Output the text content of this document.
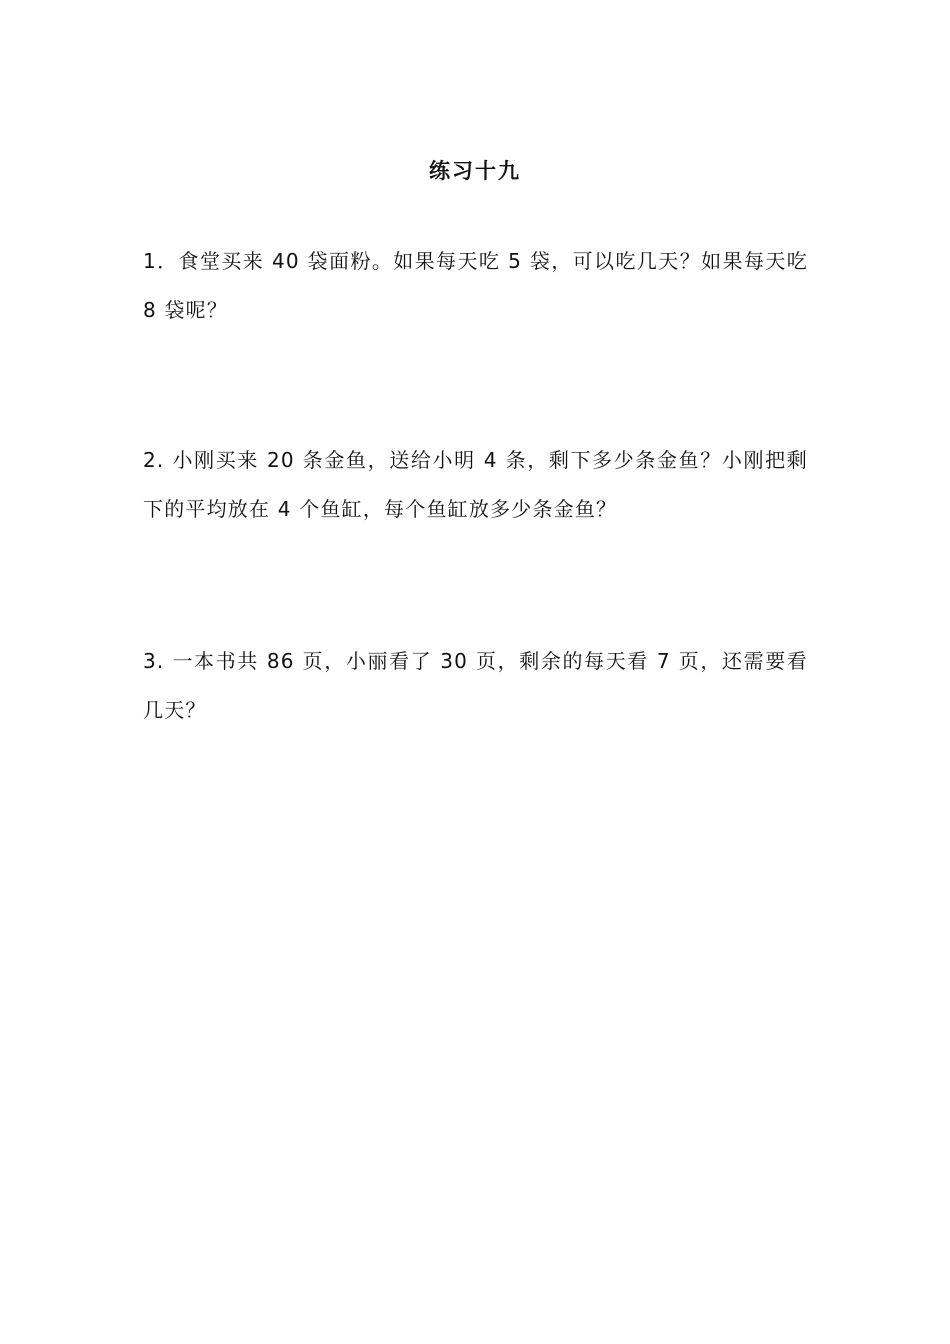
练习十九
1．食堂买来 40 袋面粉。如果每天吃 5 袋，可以吃几天？如果每天吃 8 袋呢？
2. 小刚买来 20 条金鱼，送给小明 4 条，剩下多少条金鱼？小刚把剩下的平均放在 4 个鱼缸，每个鱼缸放多少条金鱼？
3. 一本书共 86 页，小丽看了 30 页，剩余的每天看 7 页，还需要看几天？
